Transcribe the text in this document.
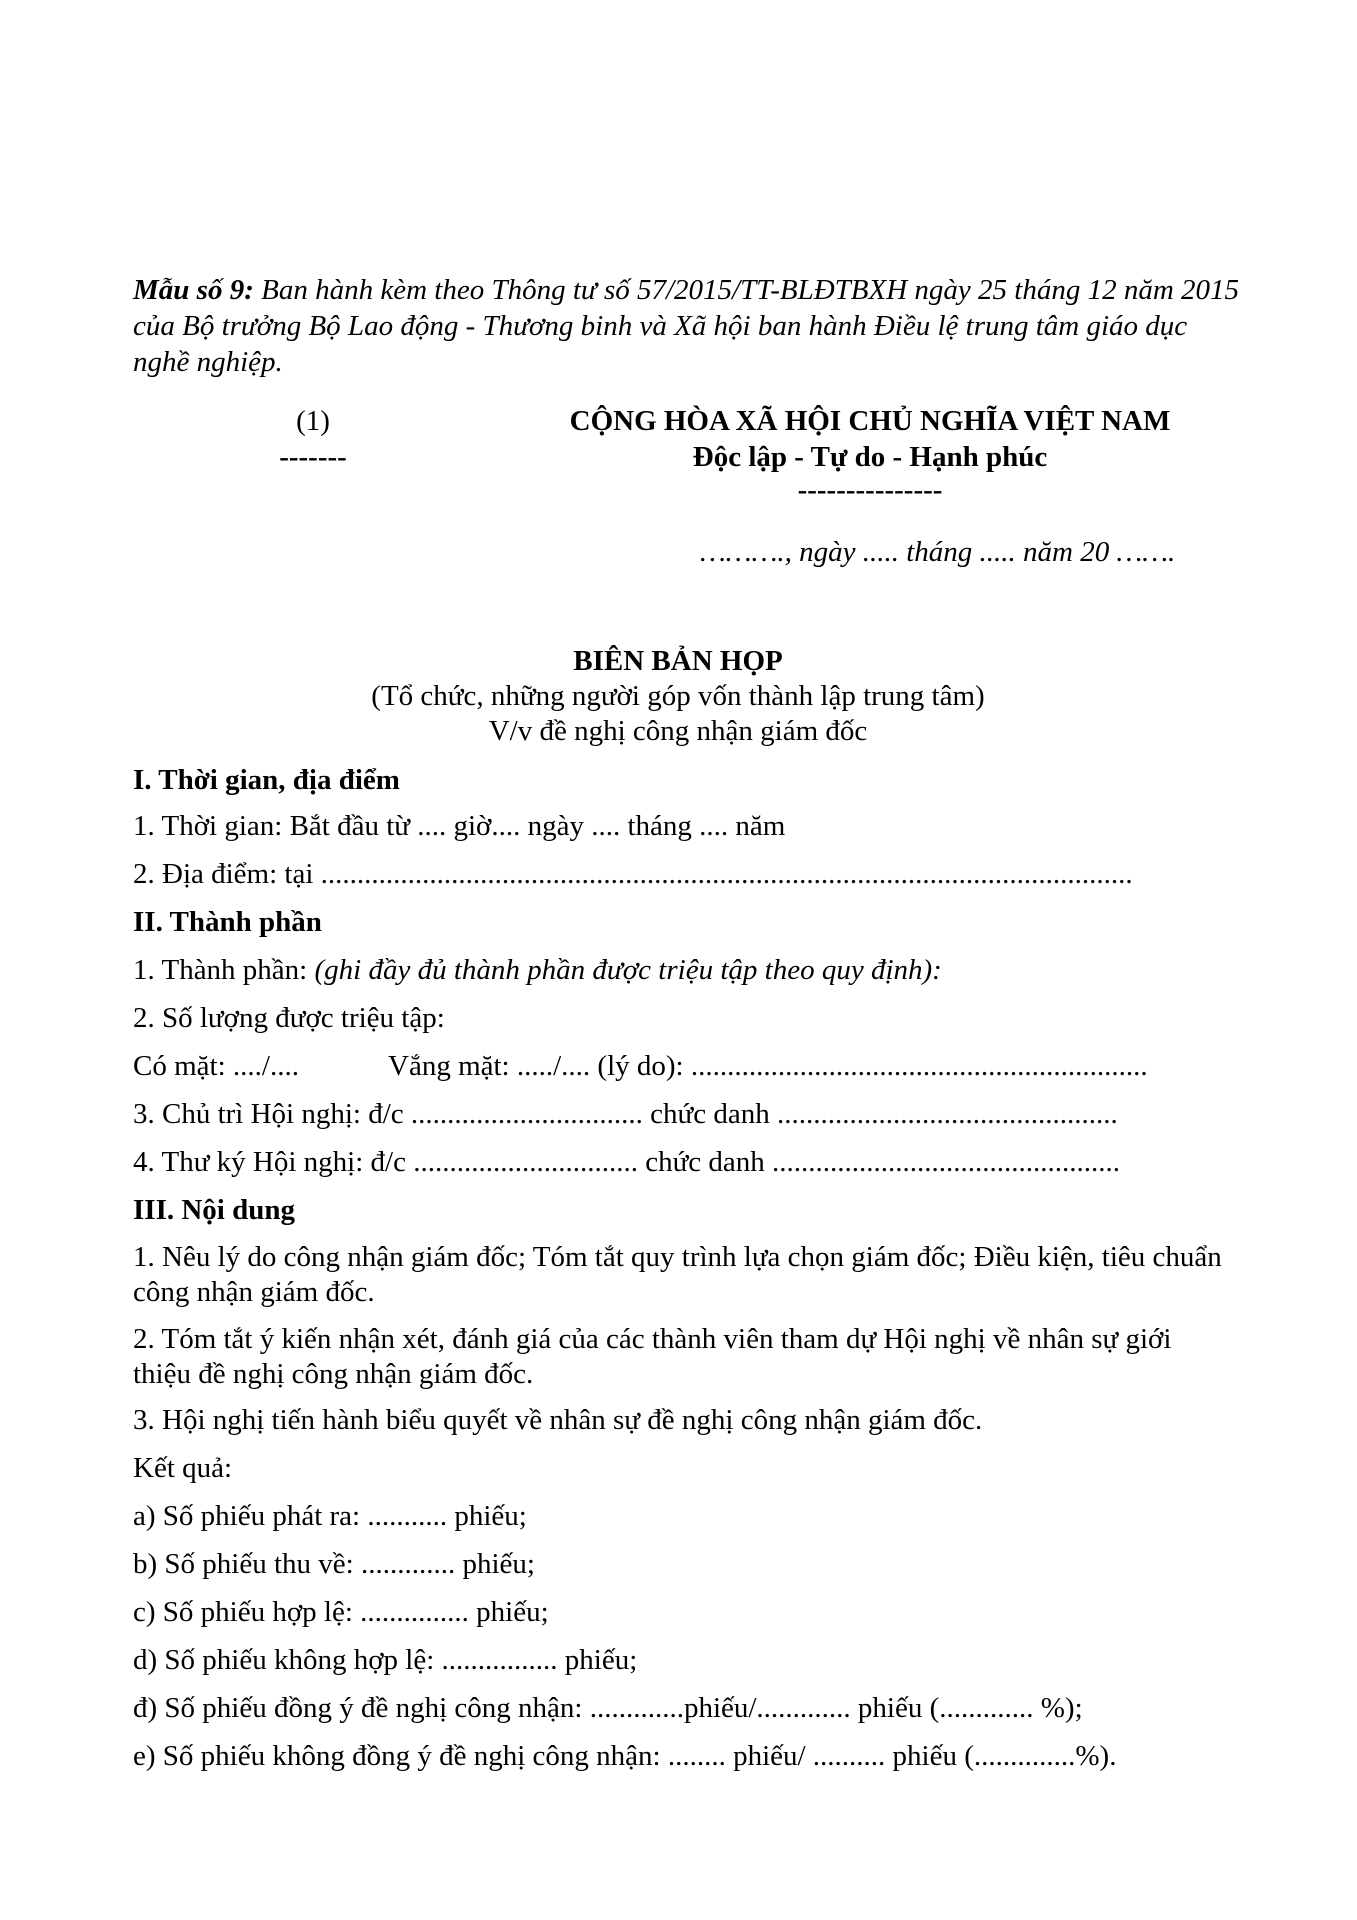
Mẫu số 9: Ban hành kèm theo Thông tư số 57/2015/TT-BLĐTBXH ngày 25 tháng 12 năm 2015 của Bộ trưởng Bộ Lao động - Thương binh và Xã hội ban hành Điều lệ trung tâm giáo dục nghề nghiệp.

(1)

-------

CỘNG HÒA XÃ HỘI CHỦ NGHĨA VIỆT NAM

Độc lập - Tự do - Hạnh phúc

---------------

………., ngày ..... tháng ..... năm 20 …….

BIÊN BẢN HỌP

(Tổ chức, những người góp vốn thành lập trung tâm)

V/v đề nghị công nhận giám đốc

I. Thời gian, địa điểm

1. Thời gian: Bắt đầu từ .... giờ.... ngày .... tháng .... năm

2. Địa điểm: tại ................................................................................................................

II. Thành phần

1. Thành phần: (ghi đầy đủ thành phần được triệu tập theo quy định):

2. Số lượng được triệu tập:

Có mặt: ..../....	Vắng mặt: ...../.... (lý do): ...............................................................

3. Chủ trì Hội nghị: đ/c ................................ chức danh ...............................................

4. Thư ký Hội nghị: đ/c ............................... chức danh ................................................

III. Nội dung

1. Nêu lý do công nhận giám đốc; Tóm tắt quy trình lựa chọn giám đốc; Điều kiện, tiêu chuẩn công nhận giám đốc.

2. Tóm tắt ý kiến nhận xét, đánh giá của các thành viên tham dự Hội nghị về nhân sự giới thiệu đề nghị công nhận giám đốc.

3. Hội nghị tiến hành biểu quyết về nhân sự đề nghị công nhận giám đốc.

Kết quả:

a) Số phiếu phát ra: ........... phiếu;

b) Số phiếu thu về: ............. phiếu;

c) Số phiếu hợp lệ: ............... phiếu;

d) Số phiếu không hợp lệ: ................ phiếu;

đ) Số phiếu đồng ý đề nghị công nhận: .............phiếu/............. phiếu (............. %);

e) Số phiếu không đồng ý đề nghị công nhận: ........ phiếu/ .......... phiếu (..............%).
